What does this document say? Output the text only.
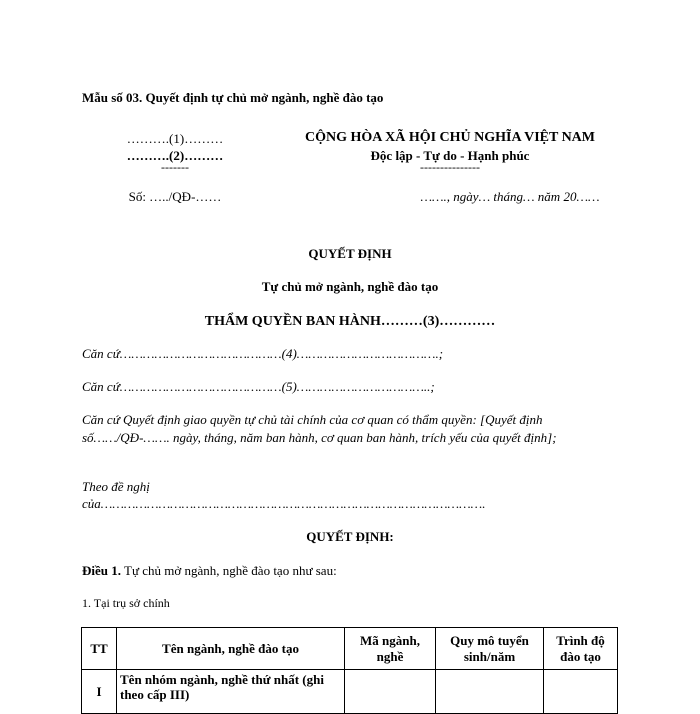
Mẫu số 03. Quyết định tự chủ mở ngành, nghề đào tạo
……….(1)………
……….(2)………
-------
Số: …../QĐ-……
CỘNG HÒA XÃ HỘI CHỦ NGHĨA VIỆT NAM
Độc lập - Tự do - Hạnh phúc
---------------
……., ngày… tháng… năm 20……
QUYẾT ĐỊNH
Tự chủ mở ngành, nghề đào tạo
THẨM QUYỀN BAN HÀNH………(3)…………
Căn cứ……………………………………(4)……………………………….;
Căn cứ……………………………………(5)……………………………..;
Căn cứ Quyết định giao quyền tự chủ tài chính của cơ quan có thẩm quyền: [Quyết định số……/QĐ-……. ngày, tháng, năm ban hành, cơ quan ban hành, trích yếu của quyết định];
Theo đề nghị
của……………………………………………………………………………………….
QUYẾT ĐỊNH:
Điều 1. Tự chủ mở ngành, nghề đào tạo như sau:
1. Tại trụ sở chính
TT	Tên ngành, nghề đào tạo	Mã ngành, nghề	Quy mô tuyển sinh/năm	Trình độ đào tạo
I	Tên nhóm ngành, nghề thứ nhất (ghi theo cấp III)			
